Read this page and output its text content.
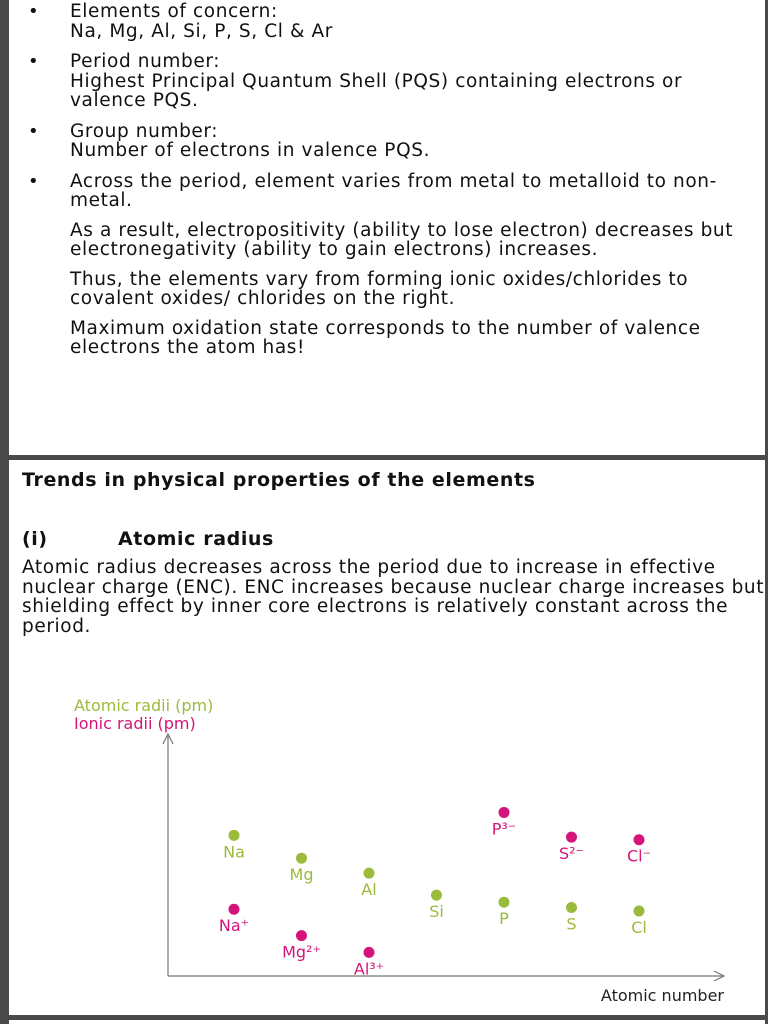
• Elements of concern:
Na, Mg, Al, Si, P, S, Cl & Ar
• Period number:
Highest Principal Quantum Shell (PQS) containing electrons or valence PQS.
• Group number:
Number of electrons in valence PQS.
• Across the period, element varies from metal to metalloid to non-metal.
As a result, electropositivity (ability to lose electron) decreases but electronegativity (ability to gain electrons) increases.
Thus, the elements vary from forming ionic oxides/chlorides to covalent oxides/ chlorides on the right.
Maximum oxidation state corresponds to the number of valence electrons the atom has!
Trends in physical properties of the elements
(i)	Atomic radius
Atomic radius decreases across the period due to increase in effective nuclear charge (ENC). ENC increases because nuclear charge increases but shielding effect by inner core electrons is relatively constant across the period.
Atomic radii (pm)
Ionic radii (pm)
Atomic number
Na
Mg
Al
Si	P	S	Cl
Na⁺
Mg²⁺
Al³⁺
P³⁻
S²⁻	Cl⁻
